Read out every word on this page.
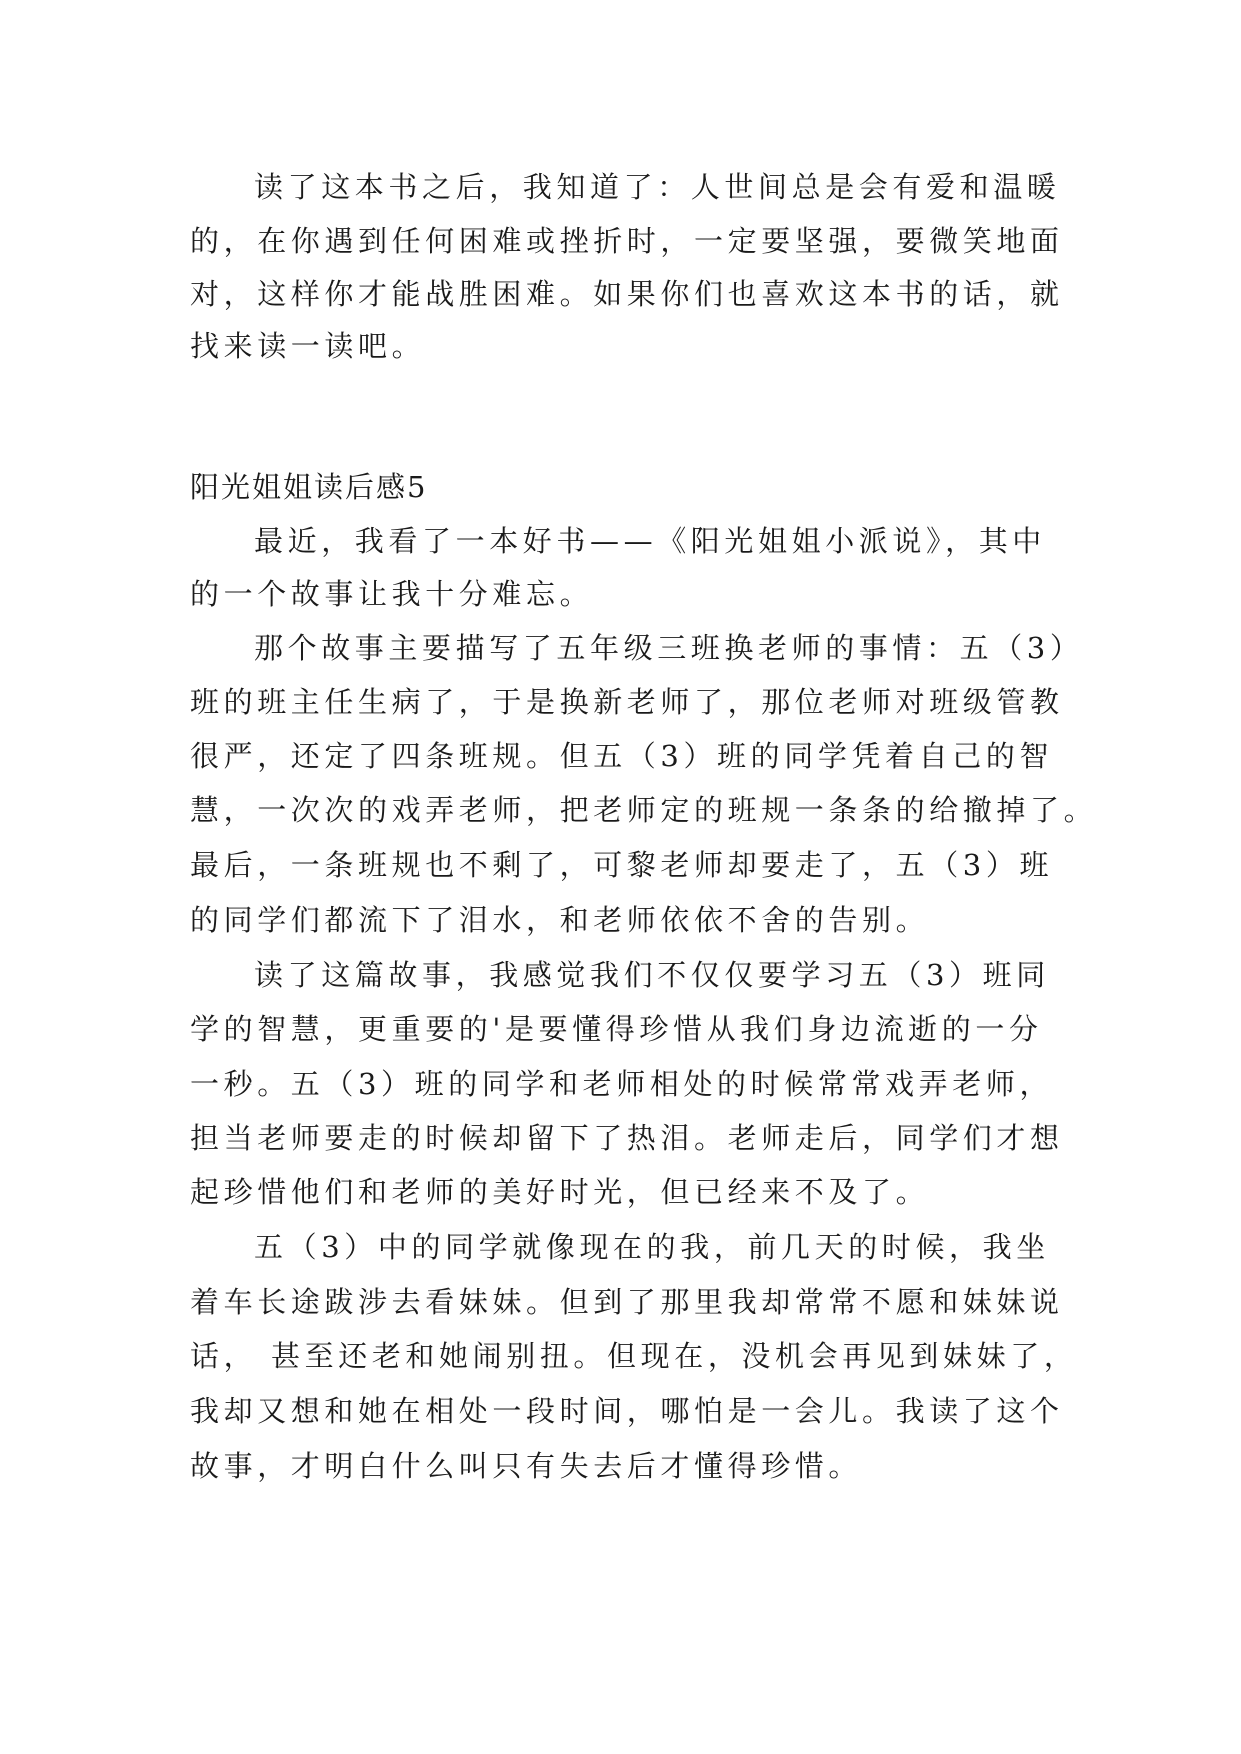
读了这本书之后，我知道了：人世间总是会有爱和温暖
的，在你遇到任何困难或挫折时，一定要坚强，要微笑地面
对，这样你才能战胜困难。如果你们也喜欢这本书的话，就
找来读一读吧。
阳光姐姐读后感5
最近，我看了一本好书——《阳光姐姐小派说》，其中
的一个故事让我十分难忘。
那个故事主要描写了五年级三班换老师的事情：五（3）
班的班主任生病了，于是换新老师了，那位老师对班级管教
很严，还定了四条班规。但五（3）班的同学凭着自己的智
慧，一次次的戏弄老师，把老师定的班规一条条的给撤掉了。
最后，一条班规也不剩了，可黎老师却要走了，五（3）班
的同学们都流下了泪水，和老师依依不舍的告别。
读了这篇故事，我感觉我们不仅仅要学习五（3）班同
学的智慧，更重要的'是要懂得珍惜从我们身边流逝的一分
一秒。五（3）班的同学和老师相处的时候常常戏弄老师，
担当老师要走的时候却留下了热泪。老师走后，同学们才想
起珍惜他们和老师的美好时光，但已经来不及了。
五（3）中的同学就像现在的我，前几天的时候，我坐
着车长途跋涉去看妹妹。但到了那里我却常常不愿和妹妹说
话， 甚至还老和她闹别扭。但现在，没机会再见到妹妹了，
我却又想和她在相处一段时间，哪怕是一会儿。我读了这个
故事，才明白什么叫只有失去后才懂得珍惜。
